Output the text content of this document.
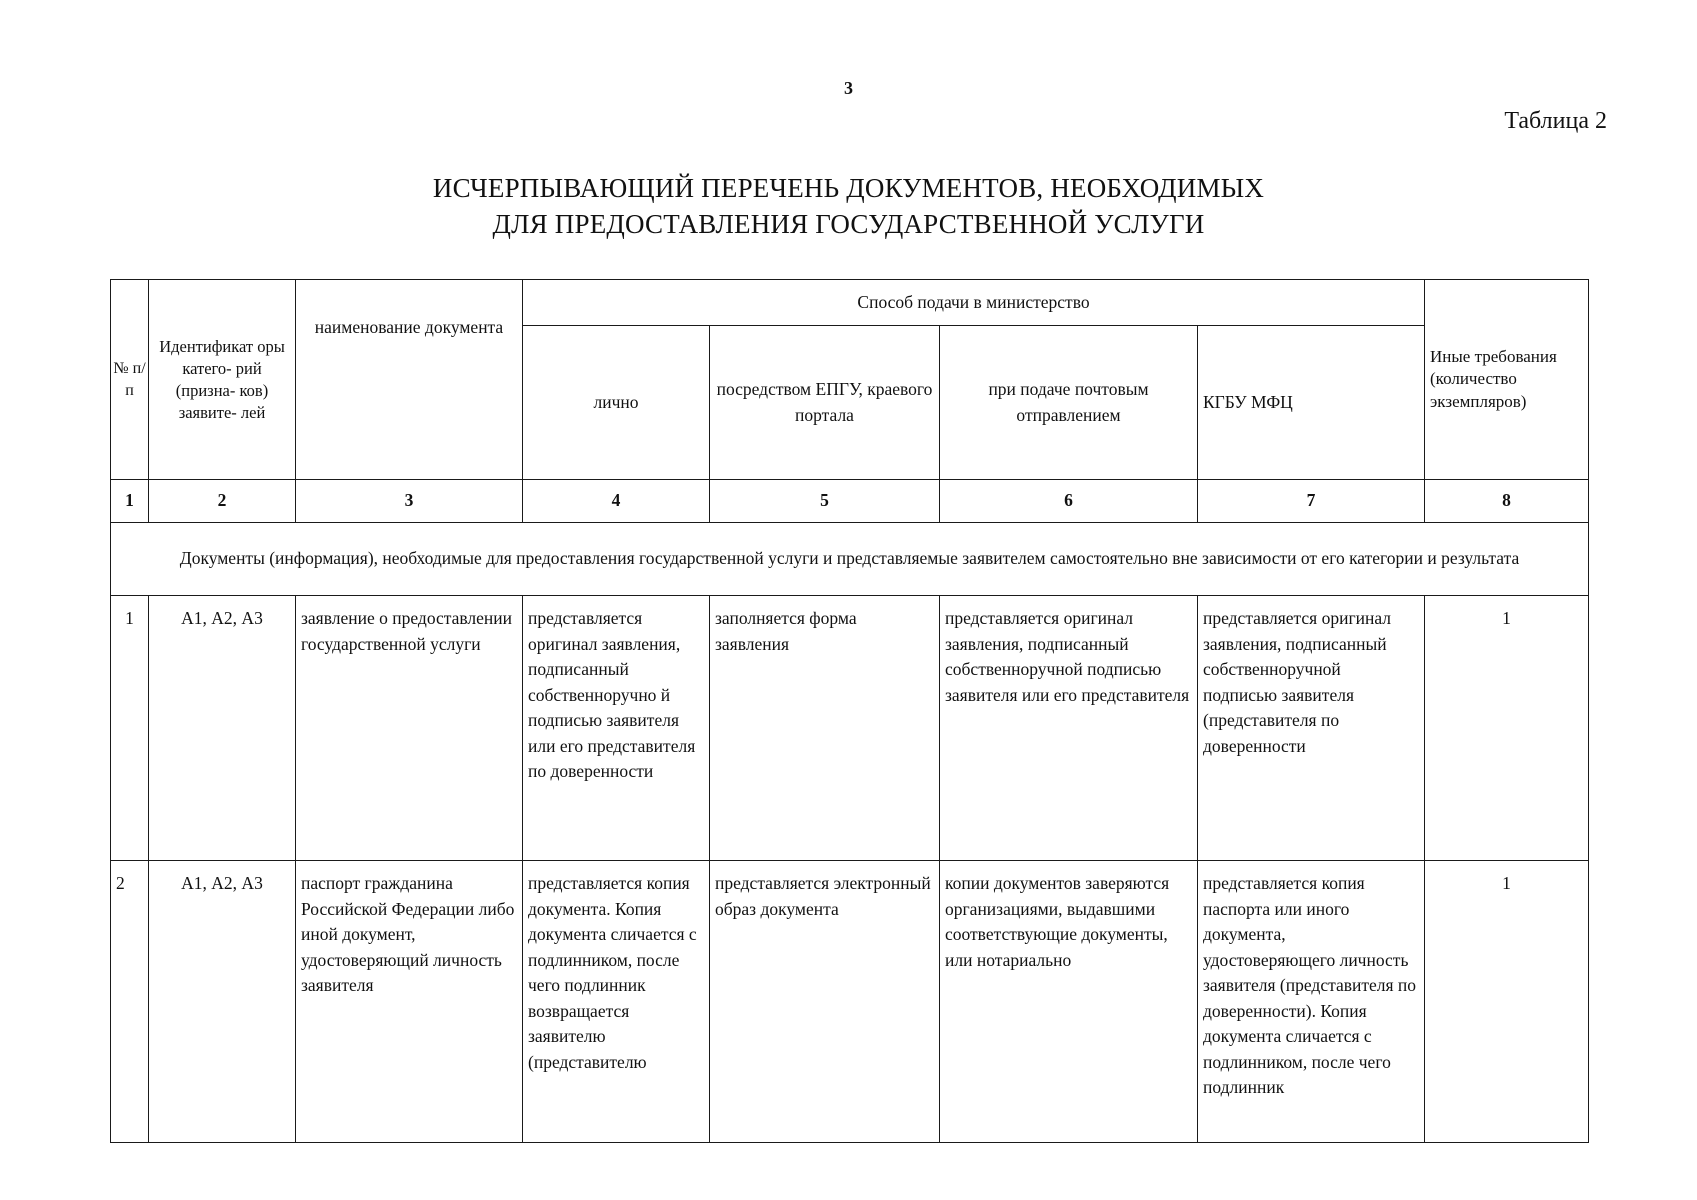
3
Таблица 2
ИСЧЕРПЫВАЮЩИЙ ПЕРЕЧЕНЬ ДОКУМЕНТОВ, НЕОБХОДИМЫХ
ДЛЯ ПРЕДОСТАВЛЕНИЯ ГОСУДАРСТВЕННОЙ УСЛУГИ
№ п/ п	Идентификат оры катего- рий (призна- ков) заявите- лей	наименование документа	Способ подачи в министерство				Иные требования (количество экземпляров)
			лично	посредством ЕПГУ, краевого портала	при подаче почтовым отправлением	КГБУ МФЦ	
1	2	3	4	5	6	7	8
Документы (информация), необходимые для предоставления государственной услуги и представляемые заявителем самостоятельно вне зависимости от его категории и результата							
1	А1, А2, А3	заявление о предоставлении государственной услуги	представляется оригинал заявления, подписанный собственноручно й подписью заявителя или его представителя по доверенности	заполняется форма заявления	представляется оригинал заявления, подписанный собственноручной подписью заявителя или его представителя	представляется оригинал заявления, подписанный собственноручной подписью заявителя (представителя по доверенности	1
2	А1, А2, А3	паспорт гражданина Российской Федерации либо иной документ, удостоверяющий личность заявителя	представляется копия документа. Копия документа сличается с подлинником, после чего подлинник возвращается заявителю (представителю	представляется электронный образ документа	копии документов заверяются организациями, выдавшими соответствующие документы, или нотариально	представляется копия паспорта или иного документа, удостоверяющего личность заявителя (представителя по доверенности). Копия документа сличается с подлинником, после чего подлинник	1
